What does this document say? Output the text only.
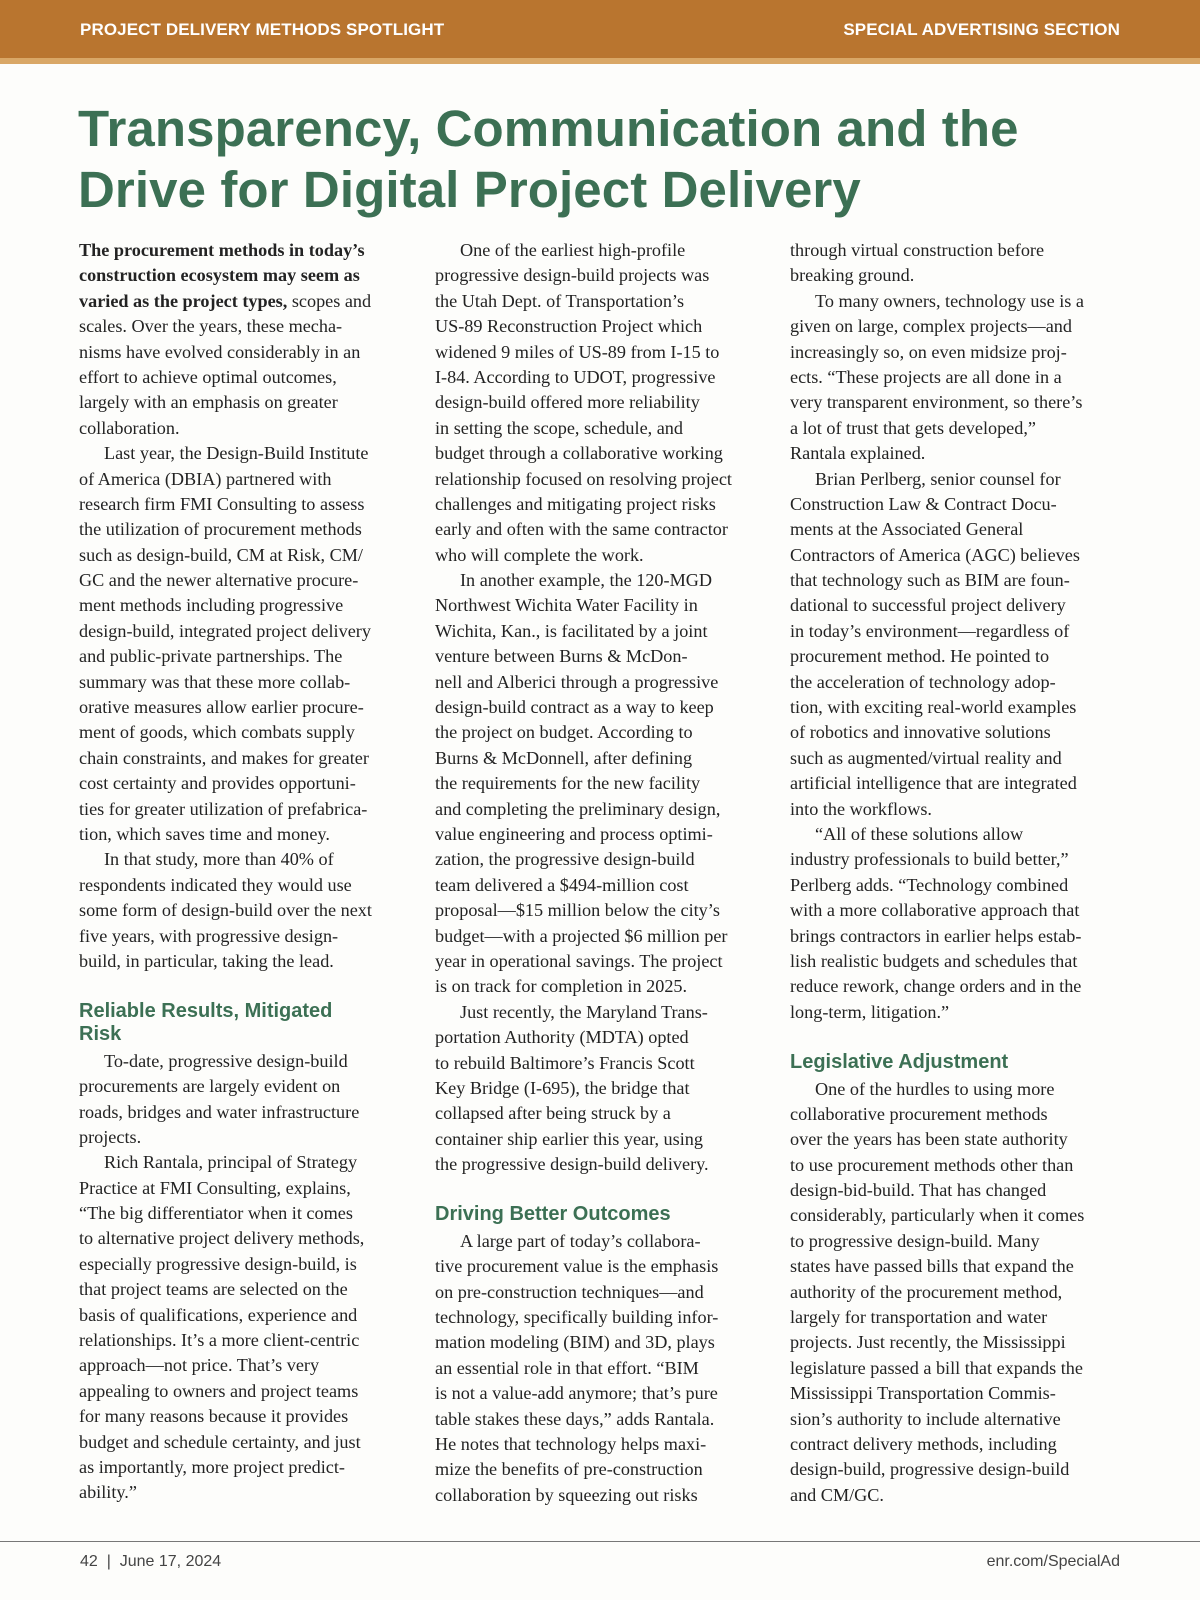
PROJECT DELIVERY METHODS SPOTLIGHT	SPECIAL ADVERTISING SECTION
Transparency, Communication and the
Drive for Digital Project Delivery
The procurement methods in today’s
construction ecosystem may seem as
varied as the project types, scopes and
scales. Over the years, these mecha-
nisms have evolved considerably in an
effort to achieve optimal outcomes,
largely with an emphasis on greater
collaboration.
Last year, the Design-Build Institute
of America (DBIA) partnered with
research firm FMI Consulting to assess
the utilization of procurement methods
such as design-build, CM at Risk, CM/
GC and the newer alternative procure-
ment methods including progressive
design-build, integrated project delivery
and public-private partnerships. The
summary was that these more collab-
orative measures allow earlier procure-
ment of goods, which combats supply
chain constraints, and makes for greater
cost certainty and provides opportuni-
ties for greater utilization of prefabrica-
tion, which saves time and money.
In that study, more than 40% of
respondents indicated they would use
some form of design-build over the next
five years, with progressive design-
build, in particular, taking the lead.
Reliable Results, Mitigated
Risk
To-date, progressive design-build
procurements are largely evident on
roads, bridges and water infrastructure
projects.
Rich Rantala, principal of Strategy
Practice at FMI Consulting, explains,
“The big differentiator when it comes
to alternative project delivery methods,
especially progressive design-build, is
that project teams are selected on the
basis of qualifications, experience and
relationships. It’s a more client-centric
approach—not price. That’s very
appealing to owners and project teams
for many reasons because it provides
budget and schedule certainty, and just
as importantly, more project predict-
ability.”
One of the earliest high-profile
progressive design-build projects was
the Utah Dept. of Transportation’s
US-89 Reconstruction Project which
widened 9 miles of US-89 from I-15 to
I-84. According to UDOT, progressive
design-build offered more reliability
in setting the scope, schedule, and
budget through a collaborative working
relationship focused on resolving project
challenges and mitigating project risks
early and often with the same contractor
who will complete the work.
In another example, the 120-MGD
Northwest Wichita Water Facility in
Wichita, Kan., is facilitated by a joint
venture between Burns & McDon-
nell and Alberici through a progressive
design-build contract as a way to keep
the project on budget. According to
Burns & McDonnell, after defining
the requirements for the new facility
and completing the preliminary design,
value engineering and process optimi-
zation, the progressive design-build
team delivered a $494-million cost
proposal—$15 million below the city’s
budget—with a projected $6 million per
year in operational savings. The project
is on track for completion in 2025.
Just recently, the Maryland Trans-
portation Authority (MDTA) opted
to rebuild Baltimore’s Francis Scott
Key Bridge (I-695), the bridge that
collapsed after being struck by a
container ship earlier this year, using
the progressive design-build delivery.
Driving Better Outcomes
A large part of today’s collabora-
tive procurement value is the emphasis
on pre-construction techniques—and
technology, specifically building infor-
mation modeling (BIM) and 3D, plays
an essential role in that effort. “BIM
is not a value-add anymore; that’s pure
table stakes these days,” adds Rantala.
He notes that technology helps maxi-
mize the benefits of pre-construction
collaboration by squeezing out risks
through virtual construction before
breaking ground.
To many owners, technology use is a
given on large, complex projects—and
increasingly so, on even midsize proj-
ects. “These projects are all done in a
very transparent environment, so there’s
a lot of trust that gets developed,”
Rantala explained.
Brian Perlberg, senior counsel for
Construction Law & Contract Docu-
ments at the Associated General
Contractors of America (AGC) believes
that technology such as BIM are foun-
dational to successful project delivery
in today’s environment—regardless of
procurement method. He pointed to
the acceleration of technology adop-
tion, with exciting real-world examples
of robotics and innovative solutions
such as augmented/virtual reality and
artificial intelligence that are integrated
into the workflows.
“All of these solutions allow
industry professionals to build better,”
Perlberg adds. “Technology combined
with a more collaborative approach that
brings contractors in earlier helps estab-
lish realistic budgets and schedules that
reduce rework, change orders and in the
long-term, litigation.”
Legislative Adjustment
One of the hurdles to using more
collaborative procurement methods
over the years has been state authority
to use procurement methods other than
design-bid-build. That has changed
considerably, particularly when it comes
to progressive design-build. Many
states have passed bills that expand the
authority of the procurement method,
largely for transportation and water
projects. Just recently, the Mississippi
legislature passed a bill that expands the
Mississippi Transportation Commis-
sion’s authority to include alternative
contract delivery methods, including
design-build, progressive design-build
and CM/GC.
42  |  June 17, 2024	enr.com/SpecialAd
